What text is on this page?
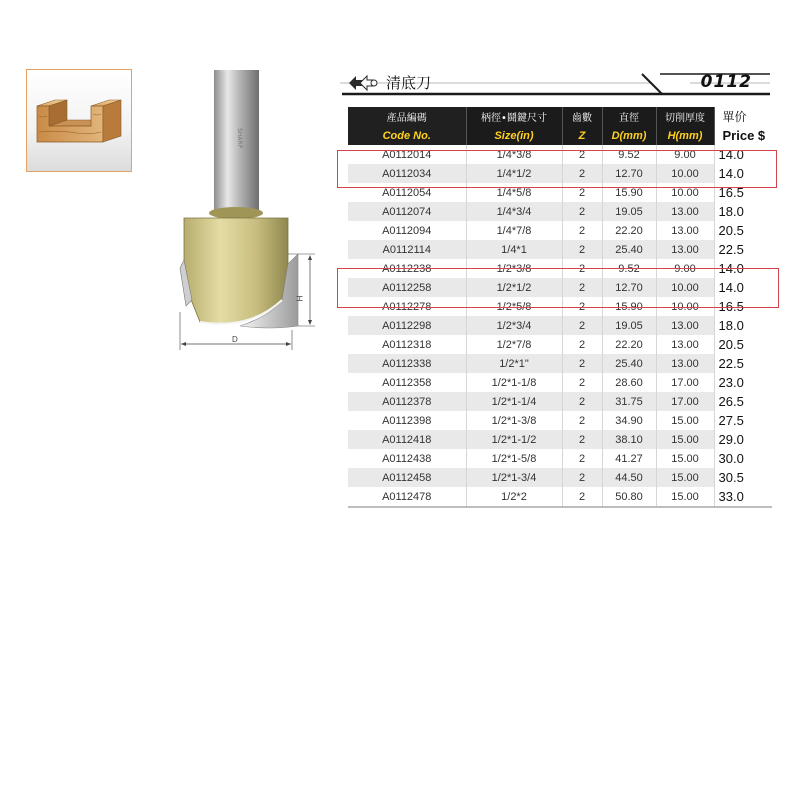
SHARP
H
D
清底刀	0112
產品編碼	柄徑•鬪鍵尺寸	齒數	直徑	切削厚度	單价
Code No.	Size(in)	Z	D(mm)	H(mm)	Price $
A0112014	1/4*3/8	2	9.52	9.00	14.0
A0112034	1/4*1/2	2	12.70	10.00	14.0
A0112054	1/4*5/8	2	15.90	10.00	16.5
A0112074	1/4*3/4	2	19.05	13.00	18.0
A0112094	1/4*7/8	2	22.20	13.00	20.5
A0112114	1/4*1	2	25.40	13.00	22.5
A0112238	1/2*3/8	2	9.52	9.00	14.0
A0112258	1/2*1/2	2	12.70	10.00	14.0
A0112278	1/2*5/8	2	15.90	10.00	16.5
A0112298	1/2*3/4	2	19.05	13.00	18.0
A0112318	1/2*7/8	2	22.20	13.00	20.5
A0112338	1/2*1"	2	25.40	13.00	22.5
A0112358	1/2*1-1/8	2	28.60	17.00	23.0
A0112378	1/2*1-1/4	2	31.75	17.00	26.5
A0112398	1/2*1-3/8	2	34.90	15.00	27.5
A0112418	1/2*1-1/2	2	38.10	15.00	29.0
A0112438	1/2*1-5/8	2	41.27	15.00	30.0
A0112458	1/2*1-3/4	2	44.50	15.00	30.5
A0112478	1/2*2	2	50.80	15.00	33.0
